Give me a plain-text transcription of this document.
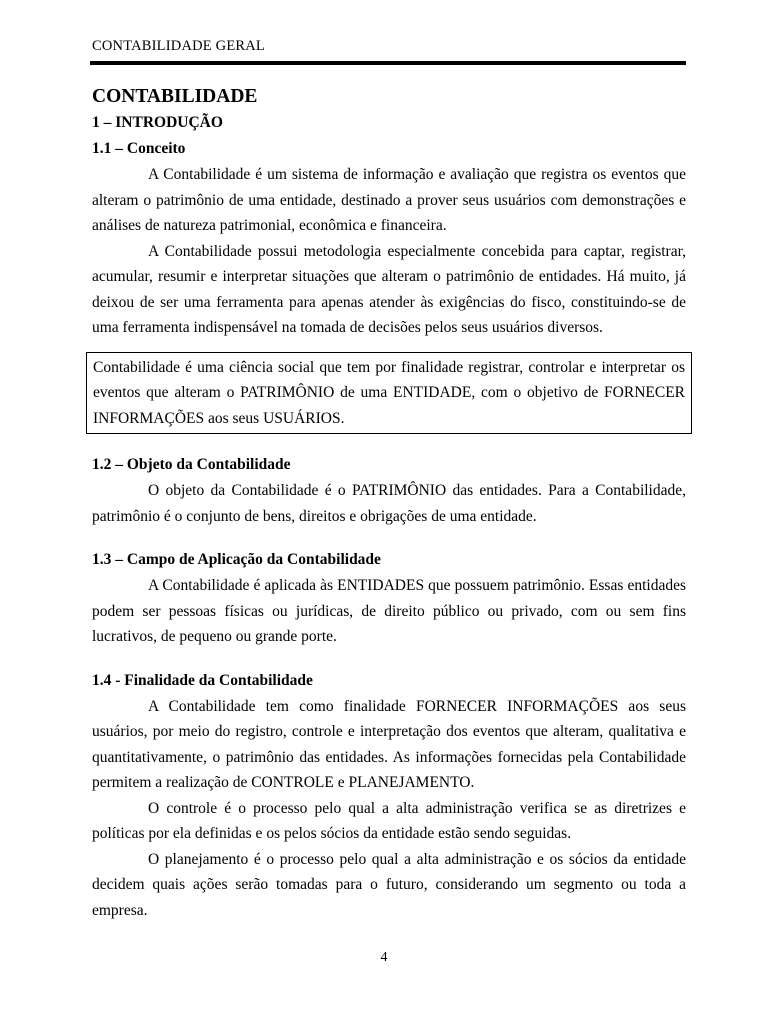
CONTABILIDADE GERAL
CONTABILIDADE
1 – INTRODUÇÃO
1.1 – Conceito

A Contabilidade é um sistema de informação e avaliação que registra os eventos que alteram o patrimônio de uma entidade, destinado a prover seus usuários com demonstrações e análises de natureza patrimonial, econômica e financeira.

A Contabilidade possui metodologia especialmente concebida para captar, registrar, acumular, resumir e interpretar situações que alteram o patrimônio de entidades. Há muito, já deixou de ser uma ferramenta para apenas atender às exigências do fisco, constituindo-se de uma ferramenta indispensável na tomada de decisões pelos seus usuários diversos.

Contabilidade é uma ciência social que tem por finalidade registrar, controlar e interpretar os eventos que alteram o PATRIMÔNIO de uma ENTIDADE, com o objetivo de FORNECER INFORMAÇÕES aos seus USUÁRIOS.

1.2 – Objeto da Contabilidade

O objeto da Contabilidade é o PATRIMÔNIO das entidades. Para a Contabilidade, patrimônio é o conjunto de bens, direitos e obrigações de uma entidade.

1.3 – Campo de Aplicação da Contabilidade

A Contabilidade é aplicada às ENTIDADES que possuem patrimônio. Essas entidades podem ser pessoas físicas ou jurídicas, de direito público ou privado, com ou sem fins lucrativos, de pequeno ou grande porte.

1.4 - Finalidade da Contabilidade

A Contabilidade tem como finalidade FORNECER INFORMAÇÕES aos seus usuários, por meio do registro, controle e interpretação dos eventos que alteram, qualitativa e quantitativamente, o patrimônio das entidades. As informações fornecidas pela Contabilidade permitem a realização de CONTROLE e PLANEJAMENTO.

O controle é o processo pelo qual a alta administração verifica se as diretrizes e políticas por ela definidas e os pelos sócios da entidade estão sendo seguidas.

O planejamento é o processo pelo qual a alta administração e os sócios da entidade decidem quais ações serão tomadas para o futuro, considerando um segmento ou toda a empresa.

4
